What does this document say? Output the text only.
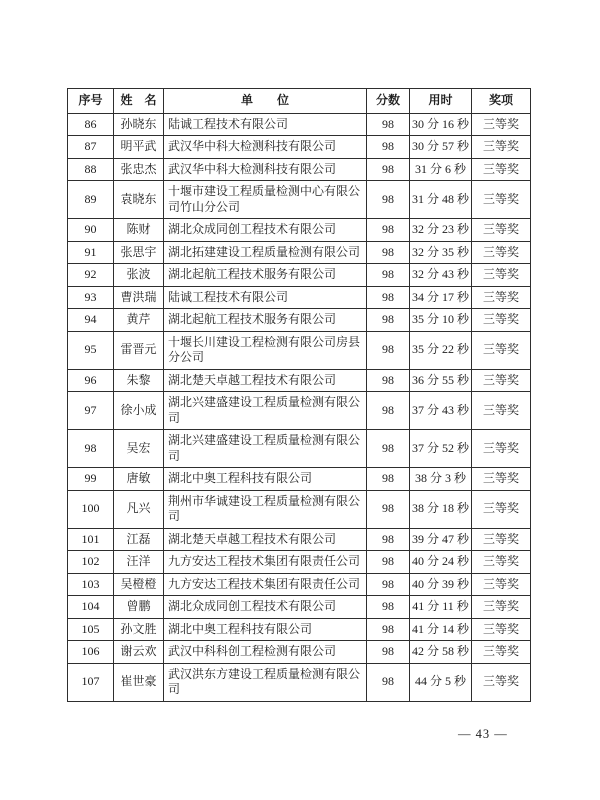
序号	姓　名	单　　位	分数	用时	奖项
86	孙晓东	陆诚工程技术有限公司	98	30 分 16 秒	三等奖
87	明平武	武汉华中科大检测科技有限公司	98	30 分 57 秒	三等奖
88	张忠杰	武汉华中科大检测科技有限公司	98	31 分 6 秒	三等奖
89	袁晓东	十堰市建设工程质量检测中心有限公司竹山分公司	98	31 分 48 秒	三等奖
90	陈财	湖北众成同创工程技术有限公司	98	32 分 23 秒	三等奖
91	张思宇	湖北拓建建设工程质量检测有限公司	98	32 分 35 秒	三等奖
92	张波	湖北起航工程技术服务有限公司	98	32 分 43 秒	三等奖
93	曹洪瑞	陆诚工程技术有限公司	98	34 分 17 秒	三等奖
94	黄芹	湖北起航工程技术服务有限公司	98	35 分 10 秒	三等奖
95	雷晋元	十堰长川建设工程检测有限公司房县分公司	98	35 分 22 秒	三等奖
96	朱黎	湖北楚天卓越工程技术有限公司	98	36 分 55 秒	三等奖
97	徐小成	湖北兴建盛建设工程质量检测有限公司	98	37 分 43 秒	三等奖
98	吴宏	湖北兴建盛建设工程质量检测有限公司	98	37 分 52 秒	三等奖
99	唐敏	湖北中奥工程科技有限公司	98	38 分 3 秒	三等奖
100	凡兴	荆州市华诚建设工程质量检测有限公司	98	38 分 18 秒	三等奖
101	江磊	湖北楚天卓越工程技术有限公司	98	39 分 47 秒	三等奖
102	汪洋	九方安达工程技术集团有限责任公司	98	40 分 24 秒	三等奖
103	吴橙橙	九方安达工程技术集团有限责任公司	98	40 分 39 秒	三等奖
104	曾鹏	湖北众成同创工程技术有限公司	98	41 分 11 秒	三等奖
105	孙文胜	湖北中奥工程科技有限公司	98	41 分 14 秒	三等奖
106	谢云欢	武汉中科科创工程检测有限公司	98	42 分 58 秒	三等奖
107	崔世豪	武汉洪东方建设工程质量检测有限公司	98	44 分 5 秒	三等奖
— 43 —
